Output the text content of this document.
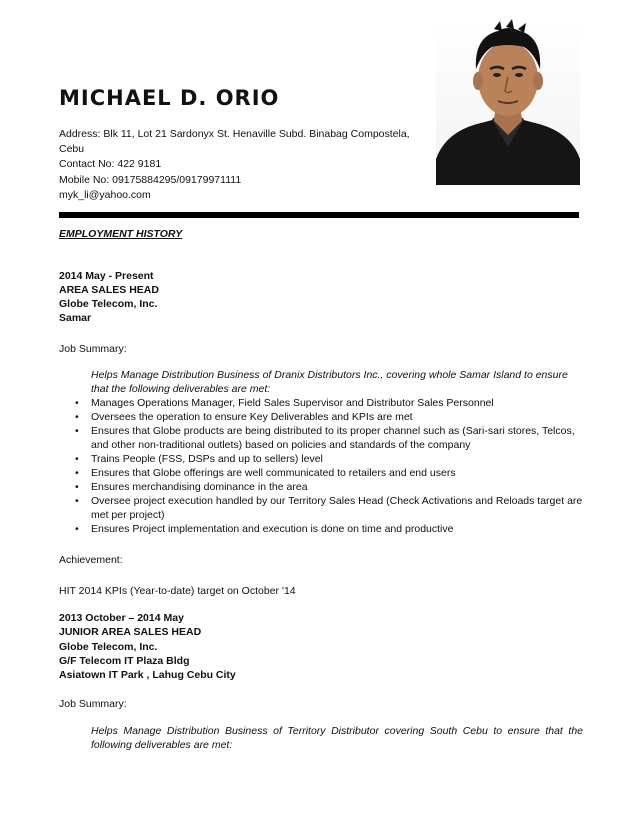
MICHAEL D. ORIO
Address: Blk 11, Lot 21 Sardonyx St. Henaville Subd. Binabag Compostela,
Cebu
Contact No: 422 9181
Mobile No: 09175884295/09179971111
myk_li@yahoo.com
EMPLOYMENT HISTORY
2014 May - Present
AREA SALES HEAD
Globe Telecom, Inc.
Samar
Job Summary:
Helps Manage Distribution Business of Dranix Distributors Inc., covering whole Samar Island to ensure that the following deliverables are met:
• Manages Operations Manager, Field Sales Supervisor and Distributor Sales Personnel
• Oversees the operation to ensure Key Deliverables and KPIs are met
• Ensures that Globe products are being distributed to its proper channel such as (Sari-sari stores, Telcos, and other non-traditional outlets) based on policies and standards of the company
• Trains People (FSS, DSPs and up to sellers) level
• Ensures that Globe offerings are well communicated to retailers and end users
• Ensures merchandising dominance in the area
• Oversee project execution handled by our Territory Sales Head (Check Activations and Reloads target are met per project)
• Ensures Project implementation and execution is done on time and productive
Achievement:
HIT 2014 KPIs (Year-to-date) target on October '14
2013 October – 2014 May
JUNIOR AREA SALES HEAD
Globe Telecom, Inc.
G/F Telecom IT Plaza Bldg
Asiatown IT Park , Lahug Cebu City
Job Summary:
Helps Manage Distribution Business of Territory Distributor covering South Cebu to ensure that the following deliverables are met:
